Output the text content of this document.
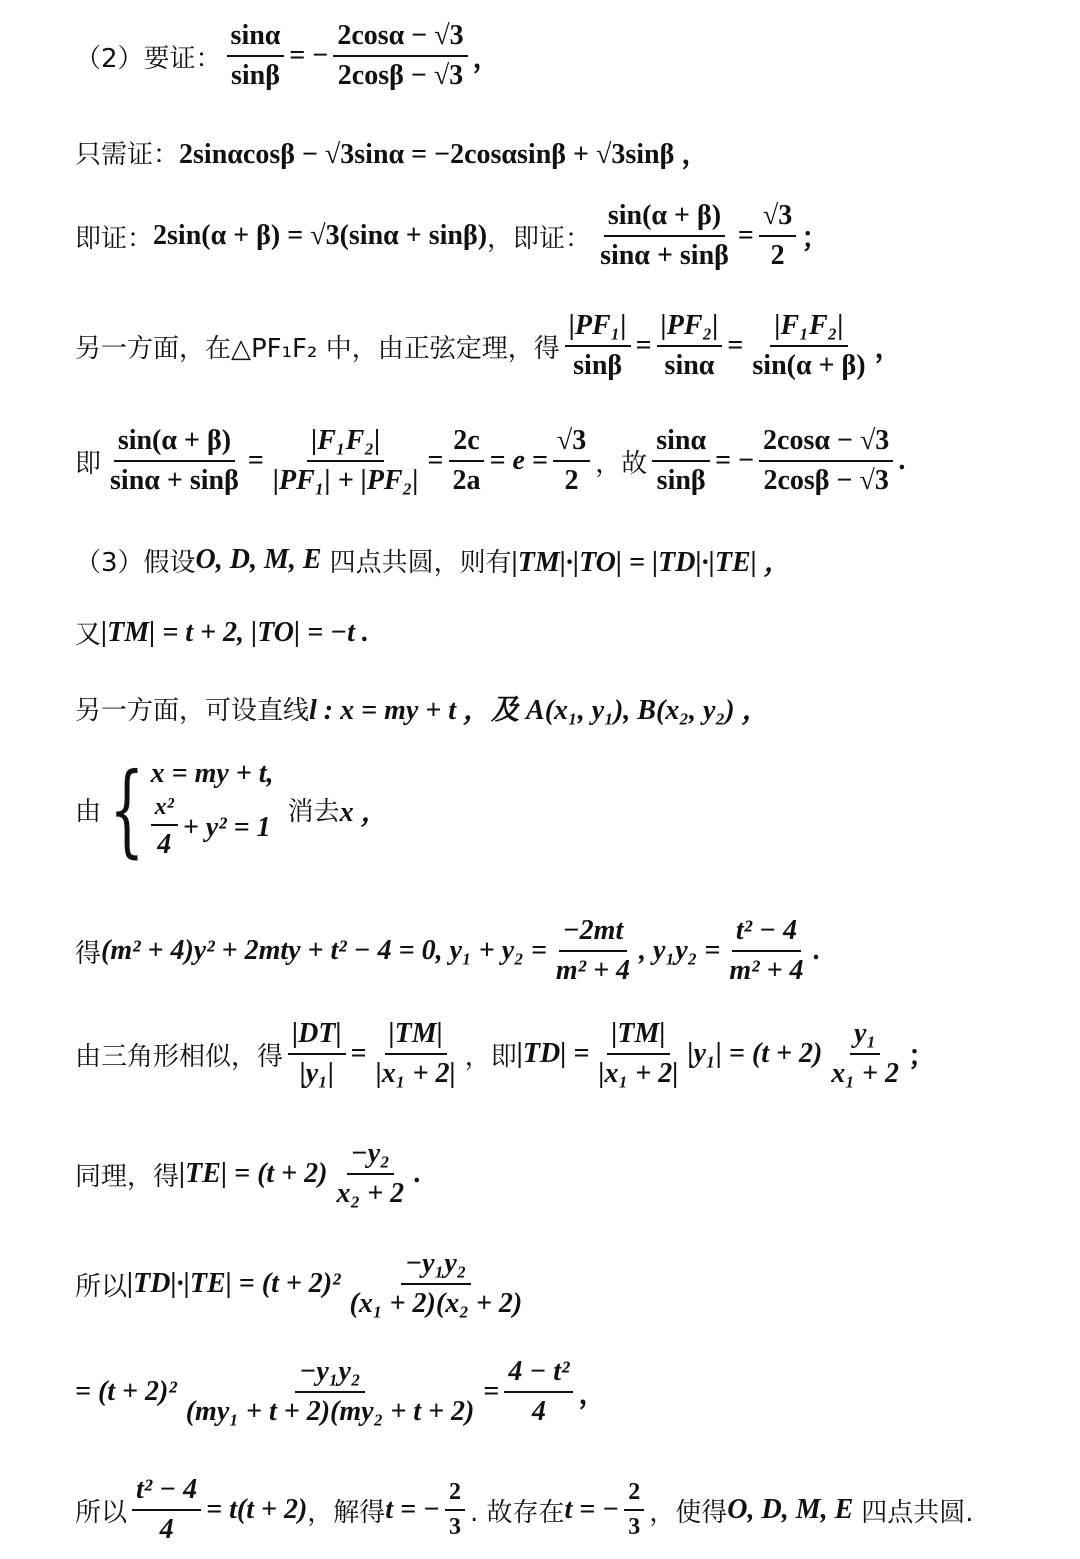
（2）要证： $\frac{\sin\alpha}{\sin\beta}$ = − $\frac{2\cos\alpha - √3}{2\cos\beta - √3}$ ，
只需证： 2sinαcosβ − √3sinα = −2cosαsinβ + √3sinβ ，
即证： 2sin(α + β) = √3(sinα + sinβ) ，即证： $\frac{\sin(\alpha + \beta)}{\sin\alpha + \sin\beta} = \frac{√3}{2}$ ；
另一方面，在△PF₁F₂ 中，由正弦定理，得 $\frac{\text{|PF₁|}}{\sin\beta} = \frac{\text{|PF₂|}}{\sin\alpha} = \frac{\text{|F₁F₂|}}{\sin(\alpha + \beta)}$ ，
即 $\frac{\sin(\alpha + \beta)}{\sin\alpha + \sin\beta} = \frac{\text{|F₁F₂|}}{\text{|PF₁| + |PF₂|}} = \frac{2c}{2a} = e = \frac{√3}{2}$ ，故 $\frac{\sin\alpha}{\sin\beta}$ = − $\frac{2\cos\alpha - √3}{2\cos\beta - √3}$ .
（3）假设 O, D, M, E 四点共圆，则有 |TM|·|TO| = |TD|·|TE| ，
又 |TM| = t + 2, |TO| = −t .
另一方面，可设直线 l : x = my + t ，及 A(x₁, y₁), B(x₂, y₂) ，
由 { x = my + t,
$\frac{\text{x²}}{4} + y^2 = 1$ 消去 x ，
得 (m² + 4)y² + 2mty + t² − 4 = 0, $y_1 + y_2 = \frac{-2mt}{\text{m² + 4}}$ , $y_1y_2 = \frac{\text{t² − 4}}{\text{m² + 4}}$ .
由三角形相似，得 $\frac{|DT|}{\text{|y₁|}} = \frac{|TM|}{\text{|x₁ + 2|}}$ ，即 $|TD| = \frac{|TM|}{\text{|x₁ + 2|}} |y_1| = (t + 2) \frac{\text{y₁}}{\text{x₁ + 2}}$ ；
同理，得 $|TE| = (t + 2) \frac{\text{−y₂}}{\text{x₂ + 2}}$ .
所以 $|TD|\cdot|TE| = (t + 2)^2 \frac{\text{−y₁y₂}}{\text{(x₁ + 2)(x₂ + 2)}}$
= $(t + 2)^2 \frac{\text{−y₁y₂}}{\text{(my₁ + t + 2)(my₂ + t + 2)}} = \frac{\text{4 − t²}}{4}$ ，
所以 $\frac{\text{t² − 4}}{4} = t(t + 2)$ ，解得 t = − $\frac{2}{3}$ . 故存在 t = − $\frac{2}{3}$ ，使得 O, D, M, E 四点共圆.
